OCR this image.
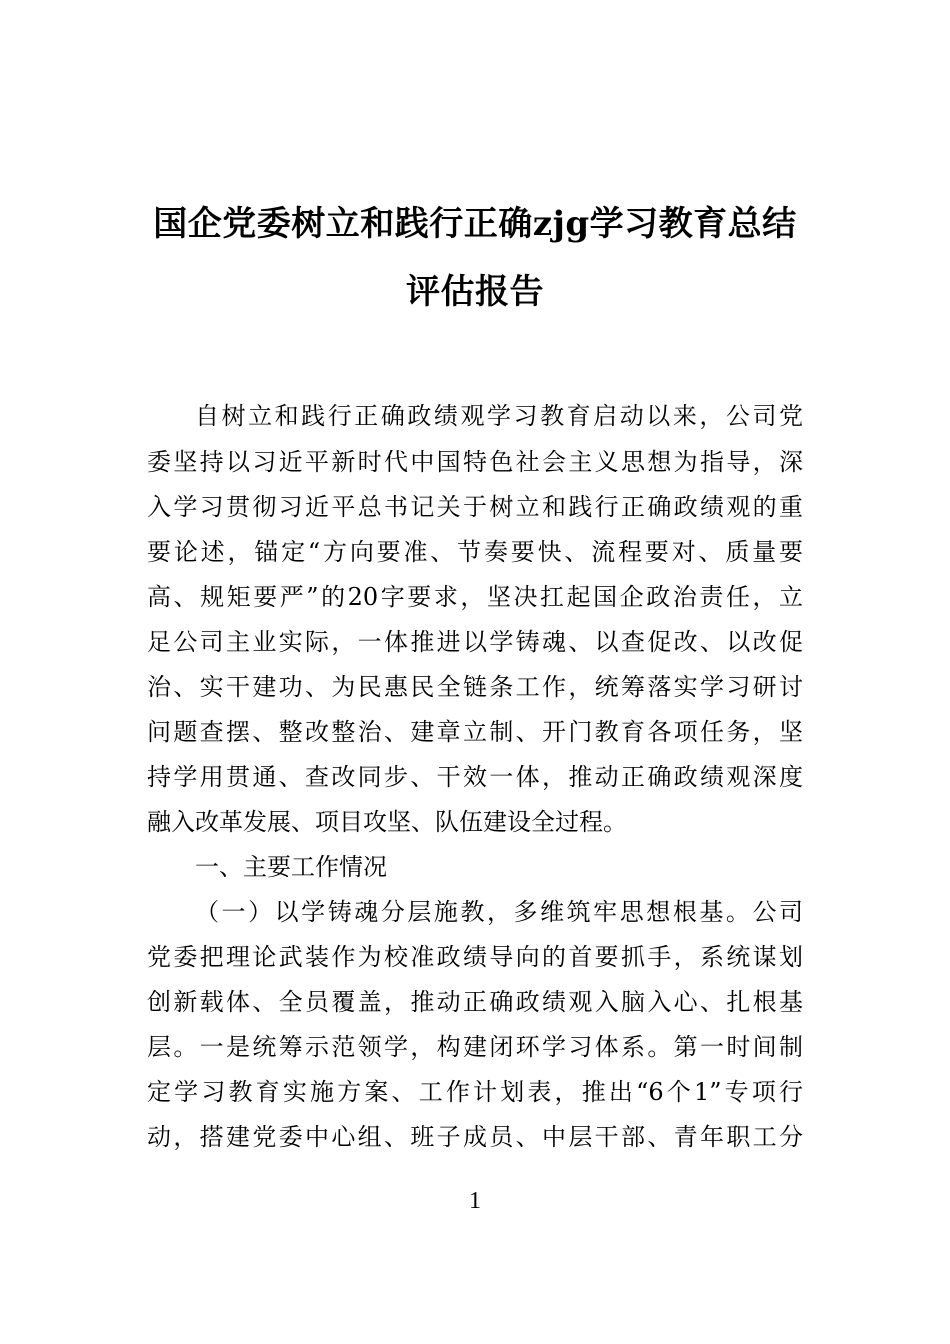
国企党委树立和践行正确zjg学习教育总结
评估报告
自树立和践行正确政绩观学习教育启动以来，公司党
委坚持以习近平新时代中国特色社会主义思想为指导，深
入学习贯彻习近平总书记关于树立和践行正确政绩观的重
要论述，锚定“方向要准、节奏要快、流程要对、质量要
高、规矩要严”的20字要求，坚决扛起国企政治责任，立
足公司主业实际，一体推进以学铸魂、以查促改、以改促
治、实干建功、为民惠民全链条工作，统筹落实学习研讨
问题查摆、整改整治、建章立制、开门教育各项任务，坚
持学用贯通、查改同步、干效一体，推动正确政绩观深度
融入改革发展、项目攻坚、队伍建设全过程。
一、主要工作情况
（一）以学铸魂分层施教，多维筑牢思想根基。公司
党委把理论武装作为校准政绩导向的首要抓手，系统谋划
创新载体、全员覆盖，推动正确政绩观入脑入心、扎根基
层。一是统筹示范领学，构建闭环学习体系。第一时间制
定学习教育实施方案、工作计划表，推出“6个1”专项行
动，搭建党委中心组、班子成员、中层干部、青年职工分
1
